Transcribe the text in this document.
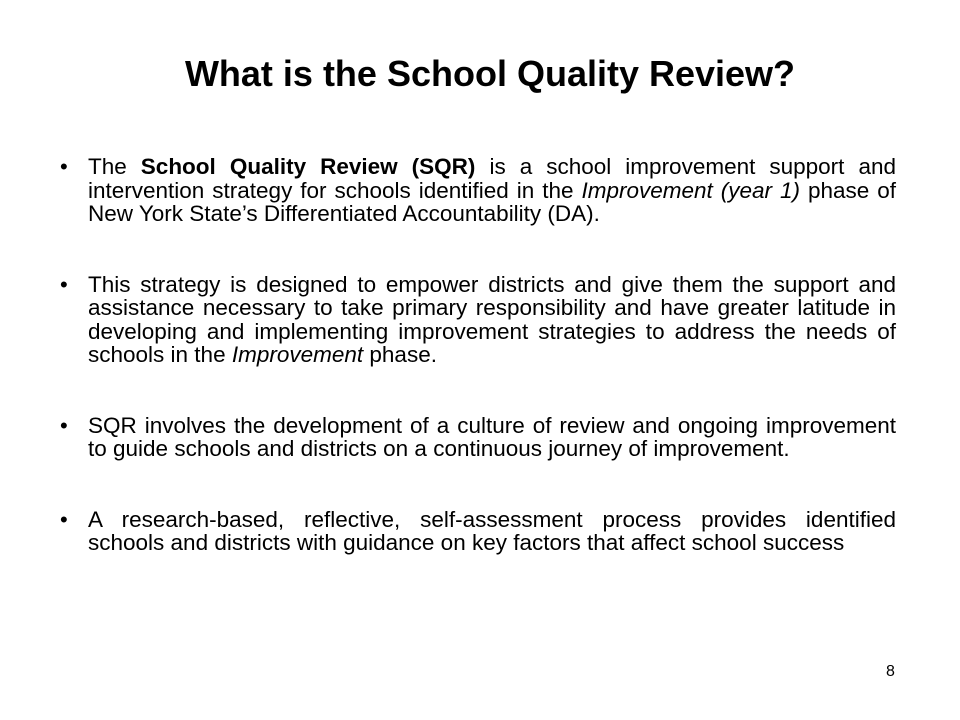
What is the School Quality Review?
• The School Quality Review (SQR) is a school improvement support and intervention strategy for schools identified in the Improvement (year 1) phase of New York State’s Differentiated Accountability (DA).
• This strategy is designed to empower districts and give them the support and assistance necessary to take primary responsibility and have greater latitude in developing and implementing improvement strategies to address the needs of schools in the Improvement phase.
• SQR involves the development of a culture of review and ongoing improvement to guide schools and districts on a continuous journey of improvement.
• A research-based, reflective, self-assessment process provides identified schools and districts with guidance on key factors that affect school success
8
